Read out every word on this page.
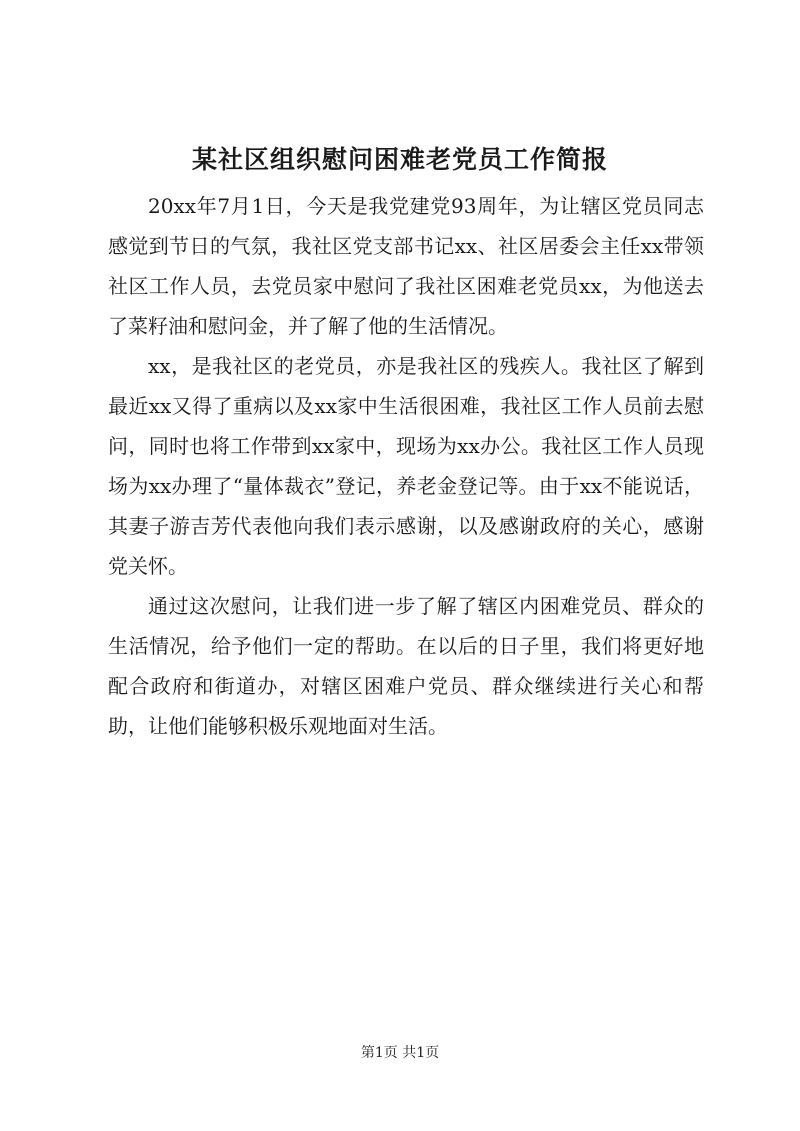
某社区组织慰问困难老党员工作简报

20xx年7月1日，今天是我党建党93周年，为让辖区党员同志感觉到节日的气氛，我社区党支部书记xx、社区居委会主任xx带领社区工作人员，去党员家中慰问了我社区困难老党员xx，为他送去了菜籽油和慰问金，并了解了他的生活情况。

xx，是我社区的老党员，亦是我社区的残疾人。我社区了解到最近xx又得了重病以及xx家中生活很困难，我社区工作人员前去慰问，同时也将工作带到xx家中，现场为xx办公。我社区工作人员现场为xx办理了“量体裁衣”登记，养老金登记等。由于xx不能说话，其妻子游吉芳代表他向我们表示感谢，以及感谢政府的关心，感谢党关怀。

通过这次慰问，让我们进一步了解了辖区内困难党员、群众的生活情况，给予他们一定的帮助。在以后的日子里，我们将更好地配合政府和街道办，对辖区困难户党员、群众继续进行关心和帮助，让他们能够积极乐观地面对生活。

第1页 共1页
